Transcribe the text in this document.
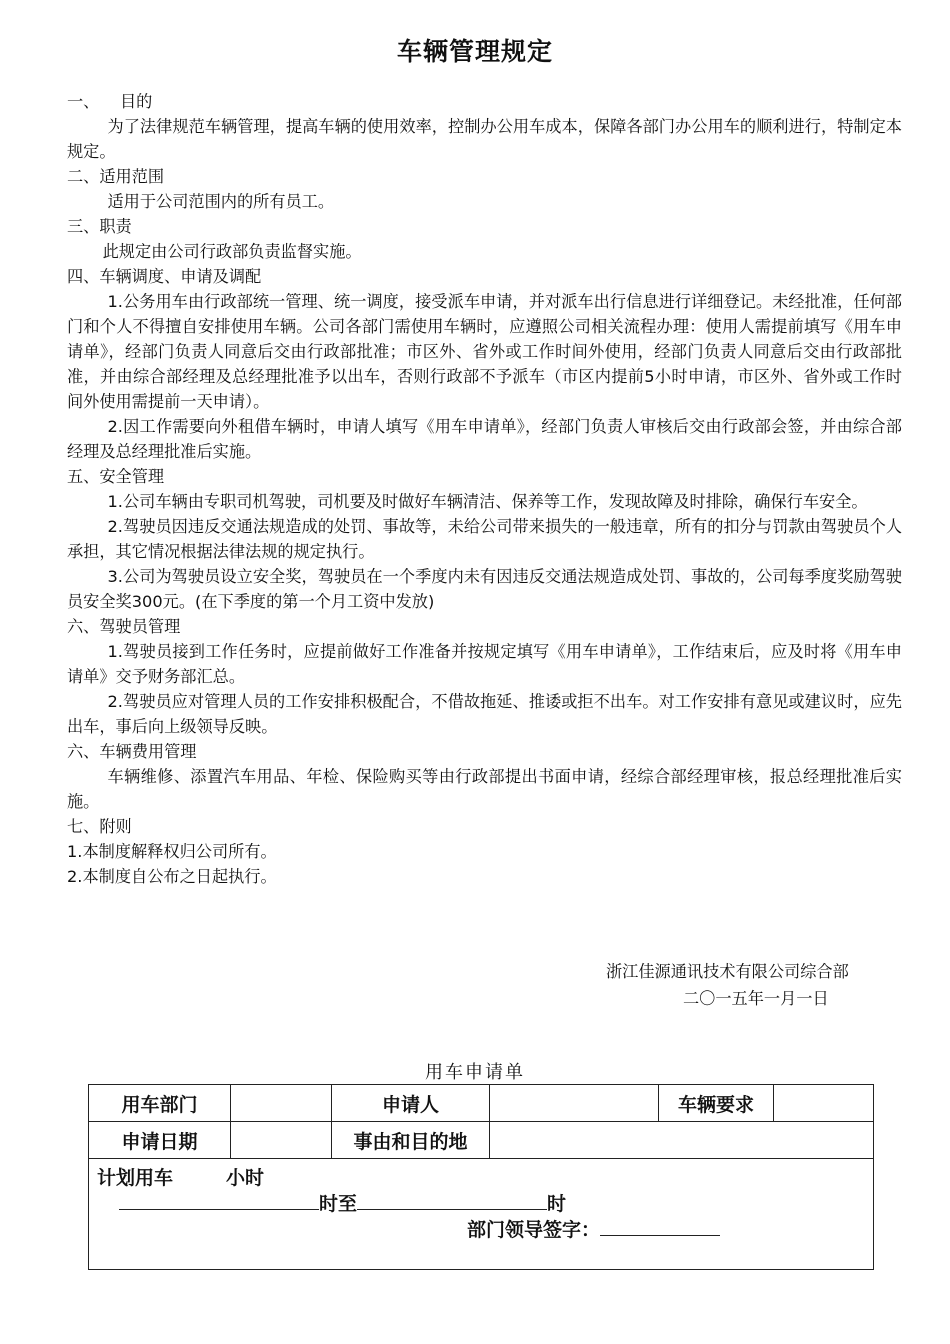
车辆管理规定

一、    目的

为了法律规范车辆管理，提高车辆的使用效率，控制办公用车成本，保障各部门办公用车的顺利进行，特制定本规定。

二、适用范围

适用于公司范围内的所有员工。

三、职责

此规定由公司行政部负责监督实施。

四、车辆调度、申请及调配

1.公务用车由行政部统一管理、统一调度，接受派车申请，并对派车出行信息进行详细登记。未经批准，任何部门和个人不得擅自安排使用车辆。公司各部门需使用车辆时，应遵照公司相关流程办理：使用人需提前填写《用车申请单》，经部门负责人同意后交由行政部批准；市区外、省外或工作时间外使用，经部门负责人同意后交由行政部批准，并由综合部经理及总经理批准予以出车，否则行政部不予派车（市区内提前5小时申请，市区外、省外或工作时间外使用需提前一天申请）。

2.因工作需要向外租借车辆时，申请人填写《用车申请单》，经部门负责人审核后交由行政部会签，并由综合部经理及总经理批准后实施。

五、安全管理

1.公司车辆由专职司机驾驶，司机要及时做好车辆清洁、保养等工作，发现故障及时排除，确保行车安全。

2.驾驶员因违反交通法规造成的处罚、事故等，未给公司带来损失的一般违章，所有的扣分与罚款由驾驶员个人承担，其它情况根据法律法规的规定执行。

3.公司为驾驶员设立安全奖，驾驶员在一个季度内未有因违反交通法规造成处罚、事故的，公司每季度奖励驾驶员安全奖300元。(在下季度的第一个月工资中发放)

六、驾驶员管理

1.驾驶员接到工作任务时，应提前做好工作准备并按规定填写《用车申请单》，工作结束后，应及时将《用车申请单》交予财务部汇总。

2.驾驶员应对管理人员的工作安排积极配合，不借故拖延、推诿或拒不出车。对工作安排有意见或建议时，应先出车，事后向上级领导反映。

六、车辆费用管理

车辆维修、添置汽车用品、年检、保险购买等由行政部提出书面申请，经综合部经理审核，报总经理批准后实施。

七、附则

1.本制度解释权归公司所有。

2.本制度自公布之日起执行。

浙江佳源通讯技术有限公司综合部
二〇一五年一月一日
用车申请单
用车部门		申请人		车辆要求	
申请日期		事由和目的地			

计划用车 小时
时至 时
部门领导签字：					
